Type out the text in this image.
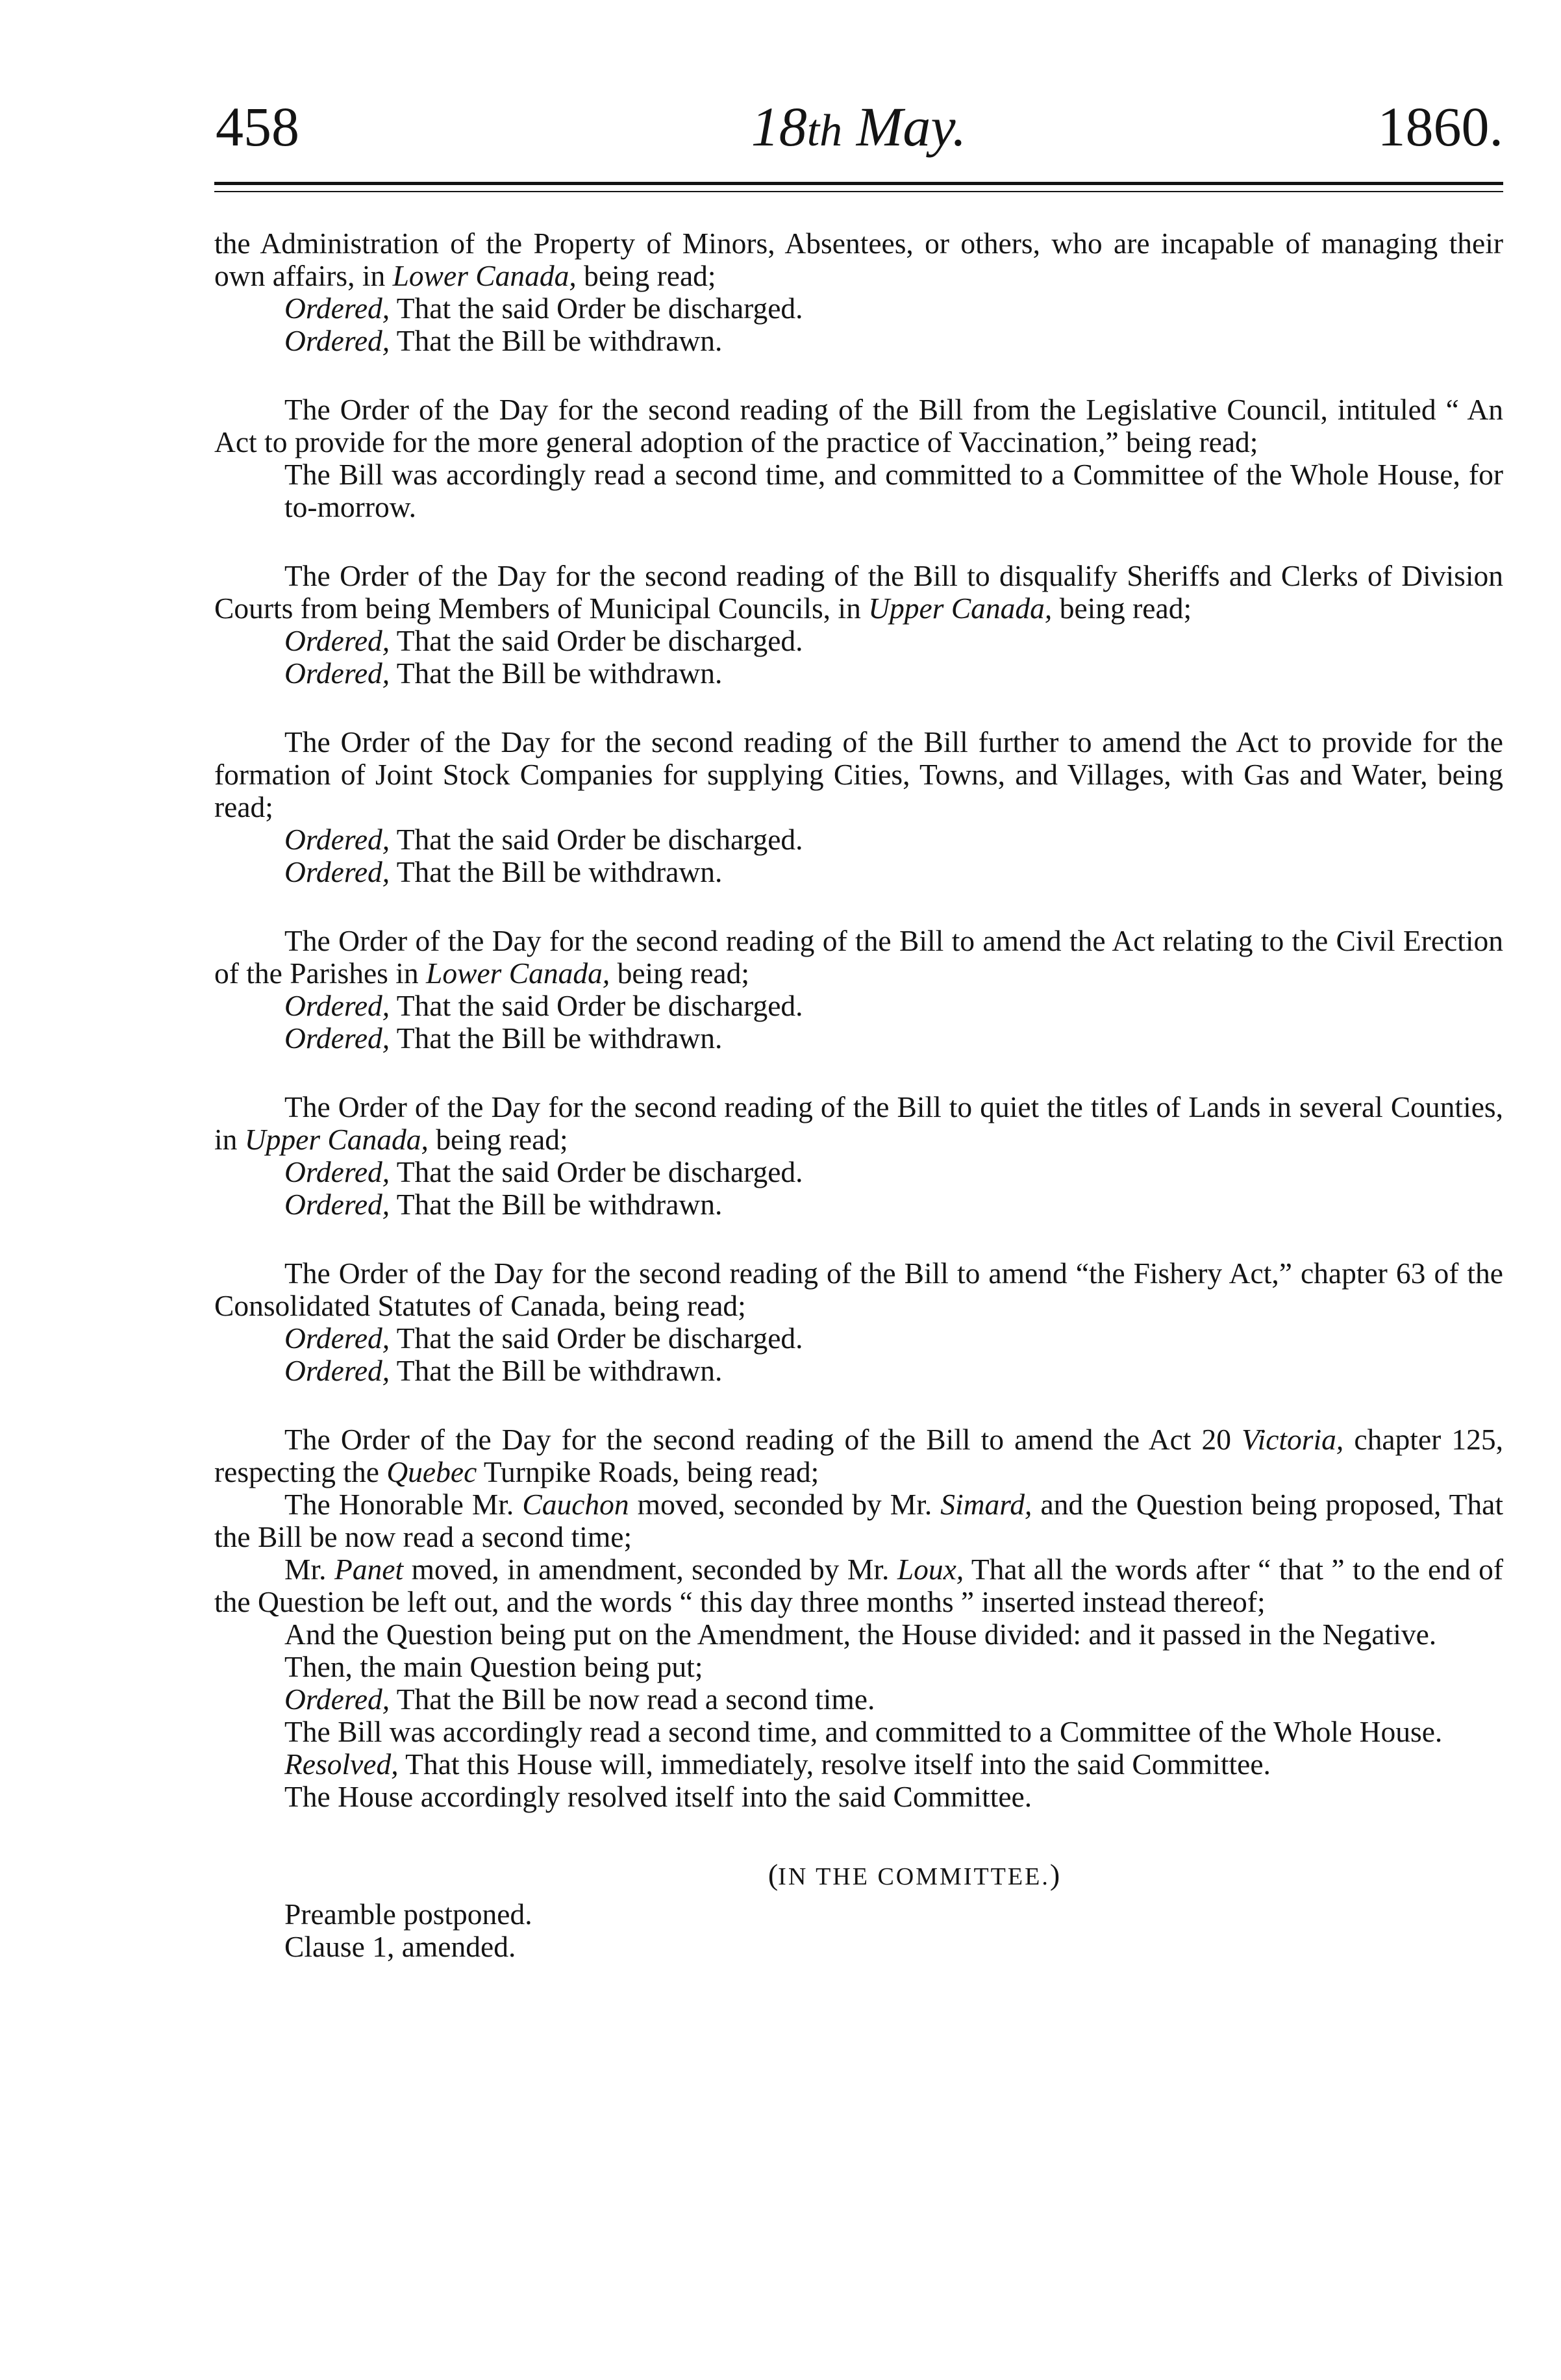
458	18th May.	1860.

the Administration of the Property of Minors, Absentees, or others, who are incapable of managing their own affairs, in Lower Canada, being read;

Ordered, That the said Order be discharged.

Ordered, That the Bill be withdrawn.

The Order of the Day for the second reading of the Bill from the Legislative Council, intituled “ An Act to provide for the more general adoption of the practice of Vaccination,” being read;

The Bill was accordingly read a second time, and committed to a Committee of the Whole House, for to-morrow.

The Order of the Day for the second reading of the Bill to disqualify Sheriffs and Clerks of Division Courts from being Members of Municipal Councils, in Upper Canada, being read;

Ordered, That the said Order be discharged.

Ordered, That the Bill be withdrawn.

The Order of the Day for the second reading of the Bill further to amend the Act to provide for the formation of Joint Stock Companies for supplying Cities, Towns, and Villages, with Gas and Water, being read;

Ordered, That the said Order be discharged.

Ordered, That the Bill be withdrawn.

The Order of the Day for the second reading of the Bill to amend the Act relating to the Civil Erection of the Parishes in Lower Canada, being read;

Ordered, That the said Order be discharged.

Ordered, That the Bill be withdrawn.

The Order of the Day for the second reading of the Bill to quiet the titles of Lands in several Counties, in Upper Canada, being read;

Ordered, That the said Order be discharged.

Ordered, That the Bill be withdrawn.

The Order of the Day for the second reading of the Bill to amend “the Fishery Act,” chapter 63 of the Consolidated Statutes of Canada, being read;

Ordered, That the said Order be discharged.

Ordered, That the Bill be withdrawn.

The Order of the Day for the second reading of the Bill to amend the Act 20 Victoria, chapter 125, respecting the Quebec Turnpike Roads, being read;

The Honorable Mr. Cauchon moved, seconded by Mr. Simard, and the Question being proposed, That the Bill be now read a second time;

Mr. Panet moved, in amendment, seconded by Mr. Loux, That all the words after “ that ” to the end of the Question be left out, and the words “ this day three months ” inserted instead thereof;

And the Question being put on the Amendment, the House divided: and it passed in the Negative.

Then, the main Question being put;

Ordered, That the Bill be now read a second time.

The Bill was accordingly read a second time, and committed to a Committee of the Whole House.

Resolved, That this House will, immediately, resolve itself into the said Committee.

The House accordingly resolved itself into the said Committee.

(IN THE COMMITTEE.)

Preamble postponed.

Clause 1, amended.
